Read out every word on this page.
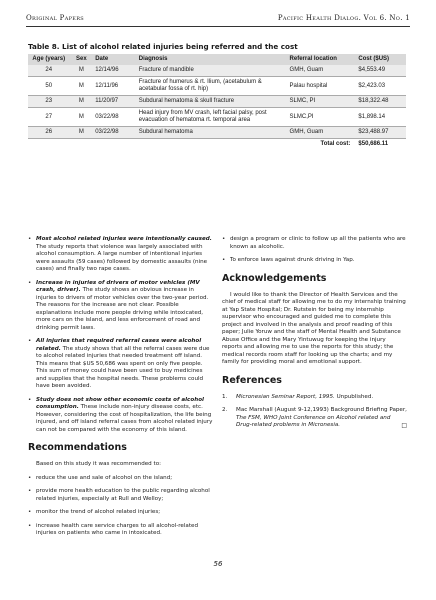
Original Papers	Pacific Health Dialog. Vol 6. No. 1
Table 8. List of alcohol related injuries being referred and the cost
Age (years)	Sex	Date	Diagnosis	Referral location	Cost ($US)
24	M	12/14/96	Fracture of mandible	GMH, Guam	$4,553.49
50	M	12/11/96	Fracture of humerus & rt. Ilium, (acetabulum & acetabular fossa of rt. hip)	Palau hospital	$2,423.03
23	M	11/20/97	Subdural hematoma & skull fracture	SLMC, PI	$18,322.48
27	M	03/22/98	Head injury from MV crash, left facial palsy, post evacuation of hematoma rt. temporal area	SLMC,PI	$1,898.14
26	M	03/22/98	Subdural hematoma	GMH, Guam	$23,488.97
Total cost:					$50,686.11
• Most alcohol related injuries were intentionally caused. The study reports that violence was largely associated with alcohol consumption. A large number of intentional injuries were assaults (59 cases) followed by domestic assaults (nine cases) and finally two rape cases.
• Increase in injuries of drivers of motor vehicles (MV crash, driver). The study shows an obvious increase in injuries to drivers of motor vehicles over the two-year period. The reasons for the increase are not clear. Possible explanations include more people driving while intoxicated, more cars on the island, and less enforcement of road and drinking permit laws.
• All injuries that required referral cases were alcohol related. The study shows that all the referral cases were due to alcohol related injuries that needed treatment off island. This means that $US 50,686 was spent on only five people. This sum of money could have been used to buy medicines and supplies that the hospital needs. These problems could have been avoided.
• Study does not show other economic costs of alcohol consumption. These include non-injury disease costs, etc. However, considering the cost of hospitalization, the life being injured, and off island referral cases from alcohol related injury can not be compared with the economy of this island.
Recommendations

Based on this study it was recommended to:

• reduce the use and sale of alcohol on the island;
• provide more health education to the public regarding alcohol related injuries, especially at Rull and Welloy;
• monitor the trend of alcohol related injuries;
• increase health care service charges to all alcohol-related injuries on patients who came in intoxicated.
• design a program or clinic to follow up all the patients who are known as alcoholic.
• To enforce laws against drunk driving in Yap.
Acknowledgements

I would like to thank the Director of Health Services and the chief of medical staff for allowing me to do my internship training at Yap State Hospital; Dr. Rutstein for being my internship supervisor who encouraged and guided me to complete this project and involved in the analysis and proof reading of this paper; Julie Yoruw and the staff of Mental Health and Substance Abuse Office and the Mary Yintuwug for keeping the injury reports and allowing me to use the reports for this study; the medical records room staff for looking up the charts; and my family for providing moral and emotional support.

References
1. Micronesian Seminar Report, 1995. Unpublished.
2. Mac Marshall (August 9-12,1993) Background Briefing Paper, The FSM, WHO Joint Conference on Alcohol related and Drug-related problems in Micronesia.	□
56
